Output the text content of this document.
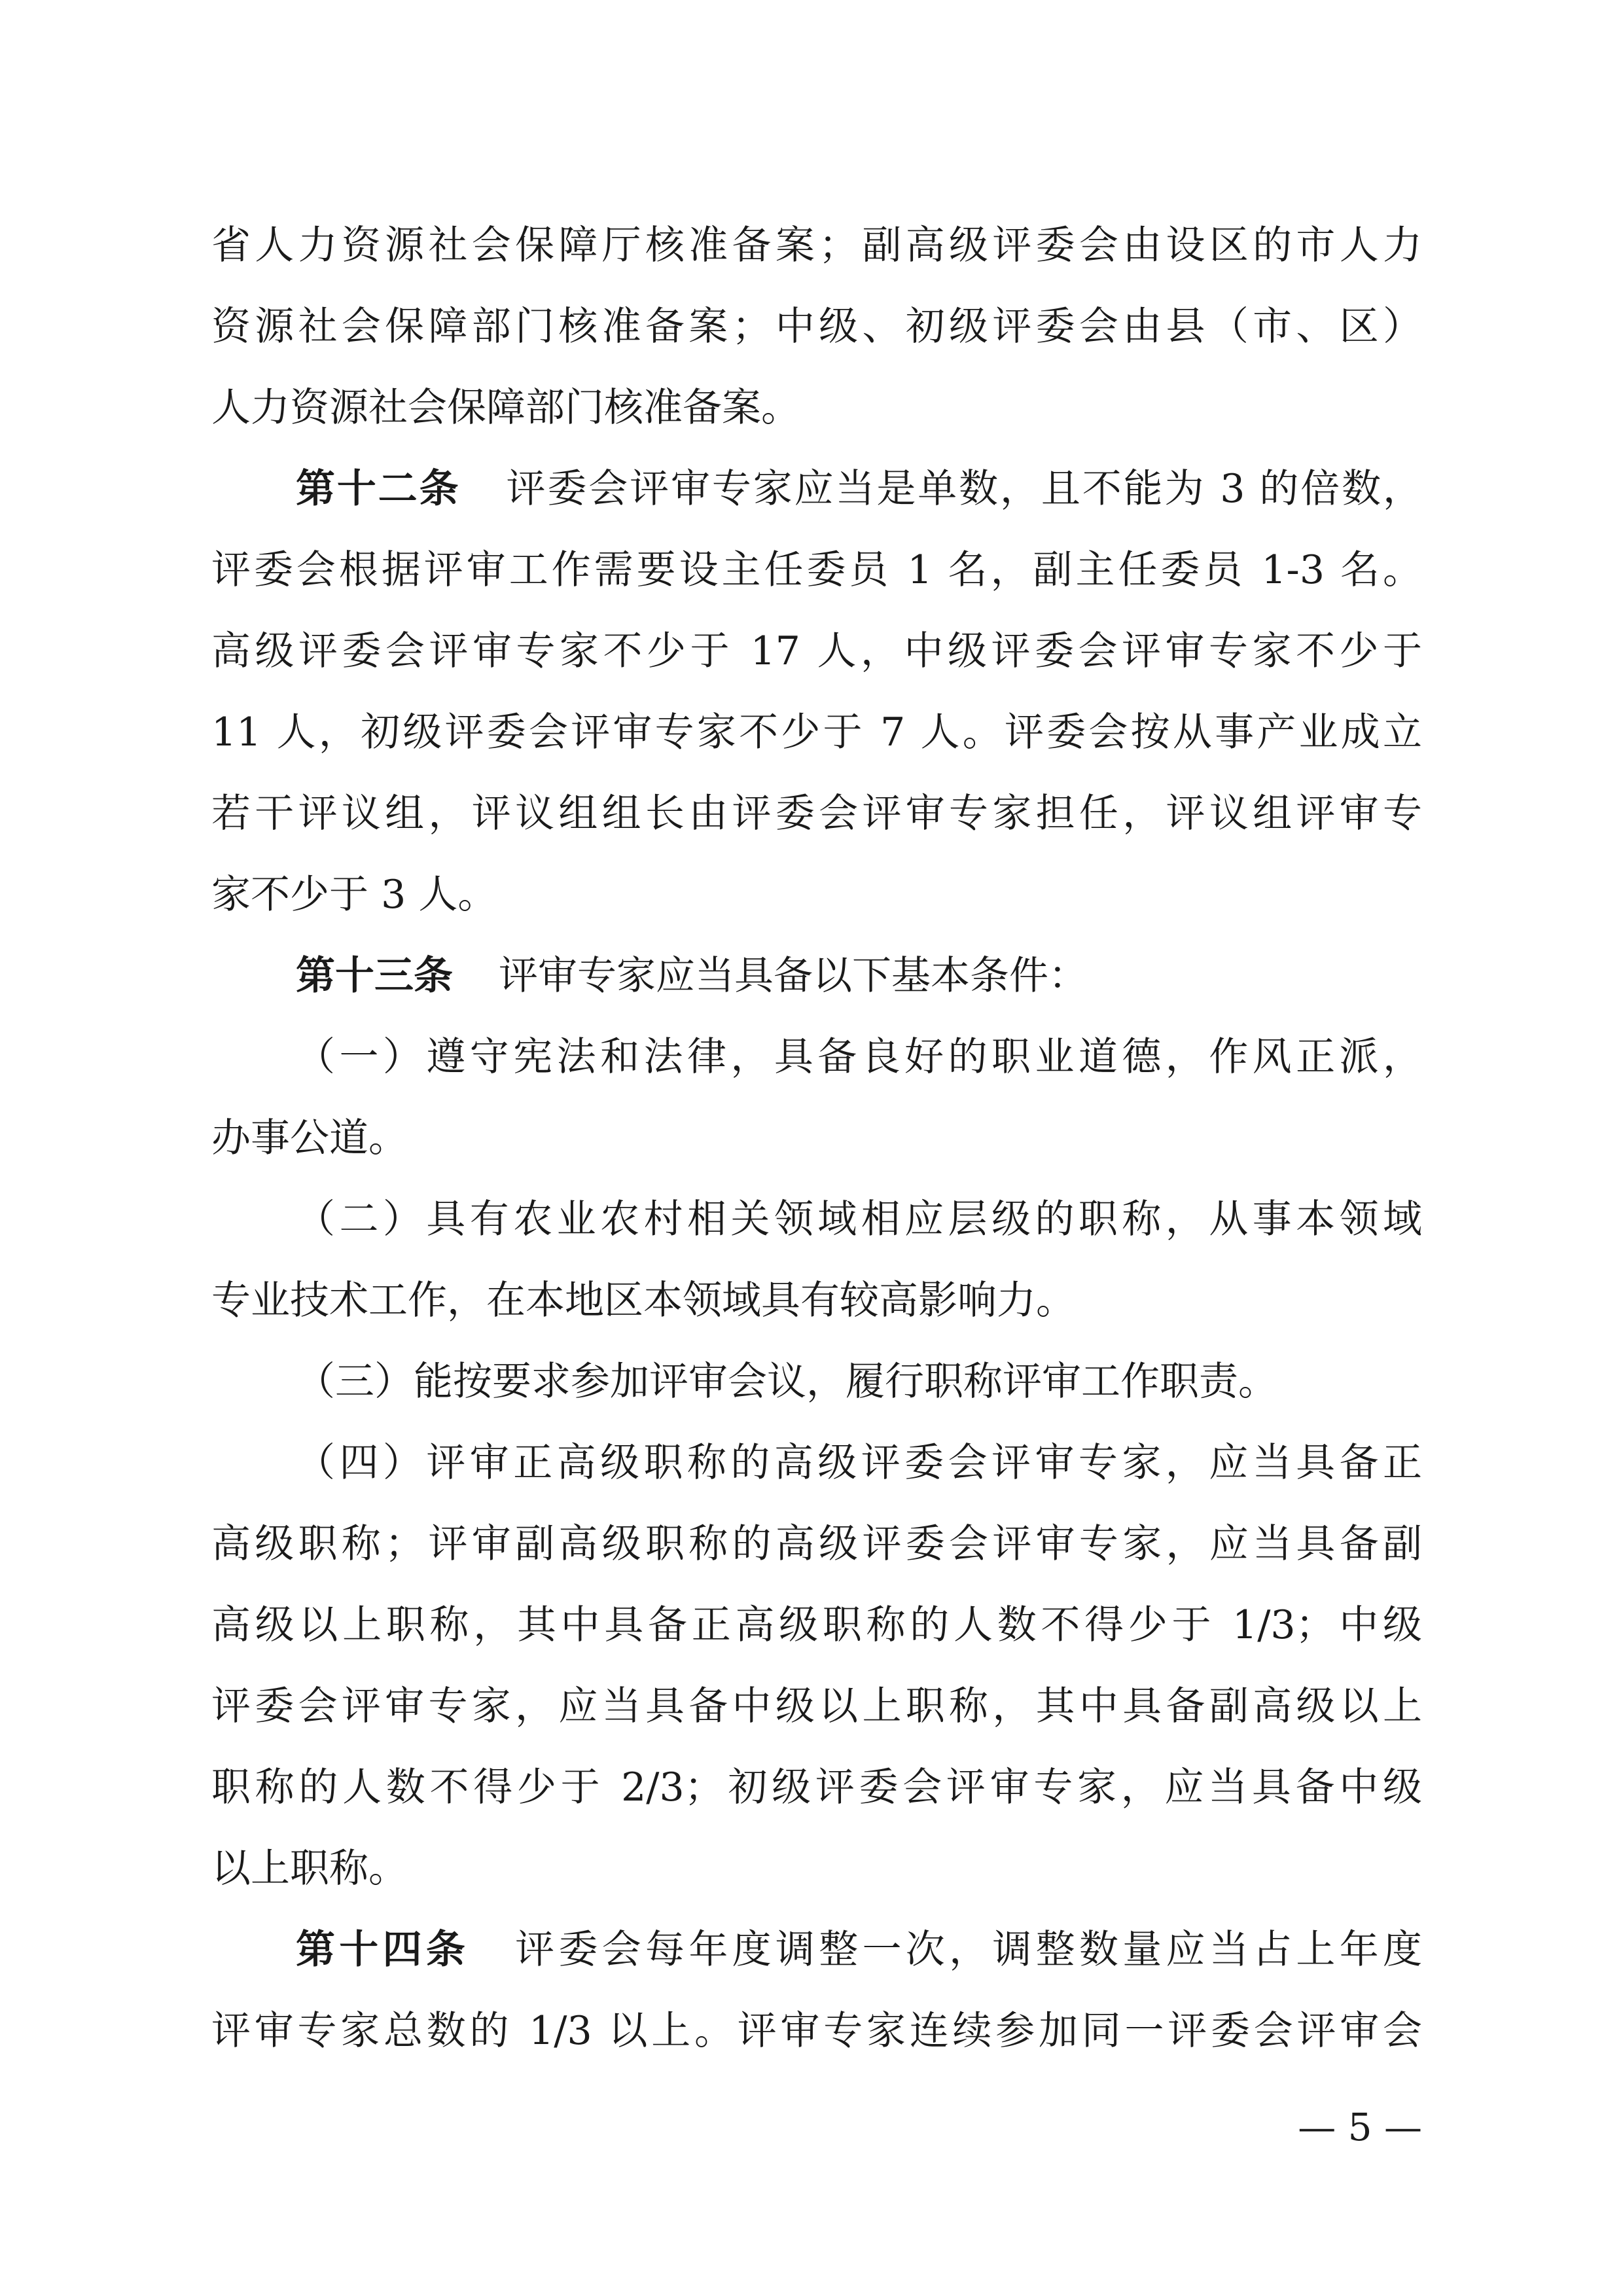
省人力资源社会保障厅核准备案；副高级评委会由设区的市人力
资源社会保障部门核准备案；中级、初级评委会由县（市、区）
人力资源社会保障部门核准备案。
第十二条 评委会评审专家应当是单数，且不能为 3 的倍数，
评委会根据评审工作需要设主任委员 1 名，副主任委员 1-3 名。
高级评委会评审专家不少于 17 人，中级评委会评审专家不少于
11 人，初级评委会评审专家不少于 7 人。评委会按从事产业成立
若干评议组，评议组组长由评委会评审专家担任，评议组评审专
家不少于 3 人。
第十三条 评审专家应当具备以下基本条件：
（一）遵守宪法和法律，具备良好的职业道德，作风正派，
办事公道。
（二）具有农业农村相关领域相应层级的职称，从事本领域
专业技术工作，在本地区本领域具有较高影响力。
（三）能按要求参加评审会议，履行职称评审工作职责。
（四）评审正高级职称的高级评委会评审专家，应当具备正
高级职称；评审副高级职称的高级评委会评审专家，应当具备副
高级以上职称，其中具备正高级职称的人数不得少于 1/3；中级
评委会评审专家，应当具备中级以上职称，其中具备副高级以上
职称的人数不得少于 2/3；初级评委会评审专家，应当具备中级
以上职称。
第十四条 评委会每年度调整一次，调整数量应当占上年度
评审专家总数的 1/3 以上。评审专家连续参加同一评委会评审会
— 5 —
